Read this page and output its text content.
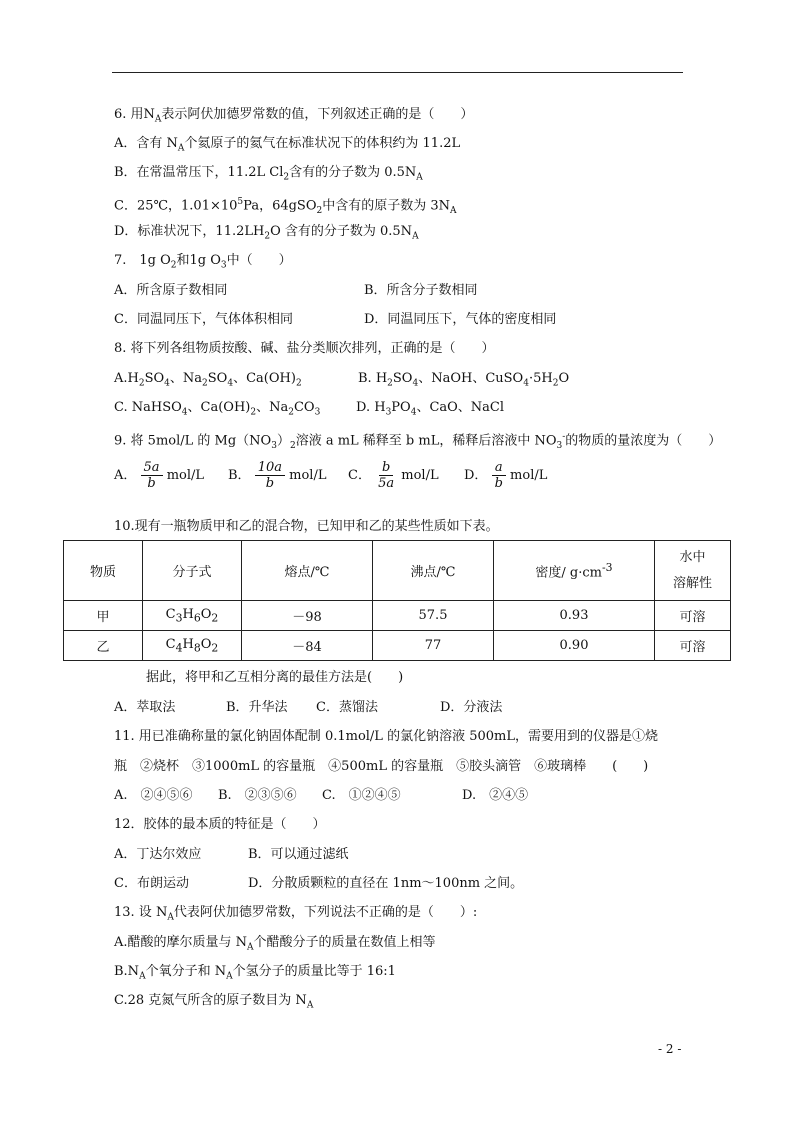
6. 用$N_A$表示阿伏加德罗常数的值，下列叙述正确的是（　　）
A．含有 $N_A$个氦原子的氦气在标准状况下的体积约为 11.2L
B．在常温常压下，11.2L $Cl_2$含有的分子数为 $0.5N_A$
C．25℃，$1.01\times 10^5Pa$，64gSO$_2$中含有的原子数为 $3N_A$
D．标准状况下，$11.2LH_2O$ 含有的分子数为 $0.5N_A$
7.　1g $O_2$和1g $O_3$中（　　）
A．所含原子数相同	B．所含分子数相同
C．同温同压下，气体体积相同	D．同温同压下，气体的密度相同
8. 将下列各组物质按酸、碱、盐分类顺次排列，正确的是（　　）
$A.H_2SO_4$、$Na_2SO_4$、$Ca(OH)_2$	B. $H_2SO_4$、NaOH、$CuSO_4\cdot 5H_2O$
C. NaHSO$_4$、$Ca(OH)_2$、$Na_2CO_3$	D. $H_3PO_4$、CaO、NaCl
9. 将 5mol/L 的 $Mg(NO_3)_2$溶液 a mL 稀释至 b mL，稀释后溶液中 $NO_3^-$的物质的量浓度为（　　）
A． $\frac{5a}{b} mol/L$ B． $\frac{10a}{b} mol/L$ C． $\frac{b}{5a} mol/L$ D． $\frac{a}{b} mol/L$
10.现有一瓶物质甲和乙的混合物，已知甲和乙的某些性质如下表。
物质	分子式	熔点/℃	沸点/℃	密度/ $g\cdot cm^{-3}$	水中
溶解性
甲	$C_3H_6O_2$	－98	57.5	0.93	可溶
乙	$C_4H_8O_2$	－84	77	0.90	可溶
据此，将甲和乙互相分离的最佳方法是(　　)
A．萃取法	B．升华法 C．蒸馏法	D．分液法
11. 用已准确称量的氯化钠固体配制 0.1mol/L 的氯化钠溶液 500mL，需要用到的仪器是①烧
瓶　②烧杯　③1000mL 的容量瓶　④500mL 的容量瓶　⑤胶头滴管　⑥玻璃棒　　(　　)
A.　②④⑤⑥ B.　②③⑤⑥ C.　①②④⑤	D.　②④⑤
12．胶体的最本质的特征是（　　）
A．丁达尔效应	B．可以通过滤纸
C．布朗运动	D．分散质颗粒的直径在 1nm～100nm 之间。
13. 设 $N_A$代表阿伏加德罗常数，下列说法不正确的是（　　）:
A.醋酸的摩尔质量与 $N_A$个醋酸分子的质量在数值上相等
$B.N_A$个氧分子和 $N_A$个氢分子的质量比等于 16:1
C.28 克氮气所含的原子数目为 $N_A$
- 2 -
